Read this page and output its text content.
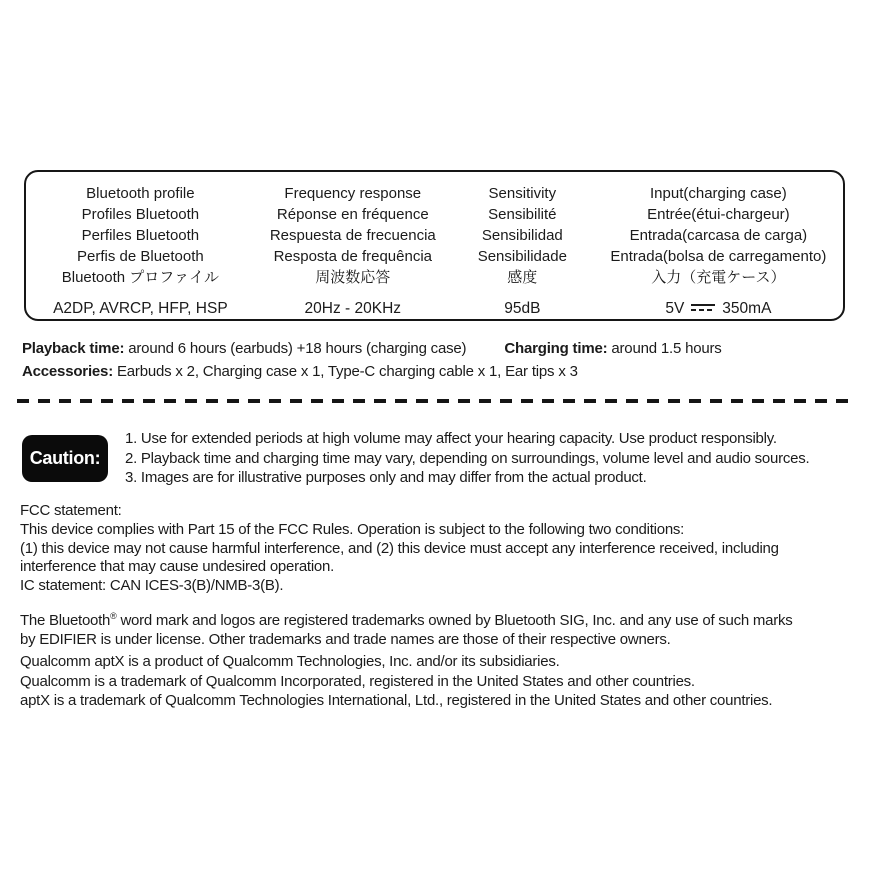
Bluetooth profile
Profiles Bluetooth
Perfiles Bluetooth
Perfis de Bluetooth
Bluetooth プロファイル
A2DP, AVRCP, HFP, HSP
Frequency response
Réponse en fréquence
Respuesta de frecuencia
Resposta de frequência
周波数応答
20Hz - 20KHz
Sensitivity
Sensibilité
Sensibilidad
Sensibilidade
感度
95dB
Input(charging case)
Entrée(étui-chargeur)
Entrada(carcasa de carga)
Entrada(bolsa de carregamento)
入力（充電ケース）
5V 350mA
Playback time: around 6 hours (earbuds) +18 hours (charging case)	Charging time: around 1.5 hours
Accessories: Earbuds x 2, Charging case x 1, Type-C charging cable x 1, Ear tips x 3
Caution:
1. Use for extended periods at high volume may affect your hearing capacity. Use product responsibly.
2. Playback time and charging time may vary, depending on surroundings, volume level and audio sources.
3. Images are for illustrative purposes only and may differ from the actual product.
FCC statement:
This device complies with Part 15 of the FCC Rules. Operation is subject to the following two conditions:
(1) this device may not cause harmful interference, and (2) this device must accept any interference received, including
interference that may cause undesired operation.
IC statement: CAN ICES-3(B)/NMB-3(B).
The Bluetooth® word mark and logos are registered trademarks owned by Bluetooth SIG, Inc. and any use of such marks
by EDIFIER is under license. Other trademarks and trade names are those of their respective owners.
Qualcomm aptX is a product of Qualcomm Technologies, Inc. and/or its subsidiaries.
Qualcomm is a trademark of Qualcomm Incorporated, registered in the United States and other countries.
aptX is a trademark of Qualcomm Technologies International, Ltd., registered in the United States and other countries.
